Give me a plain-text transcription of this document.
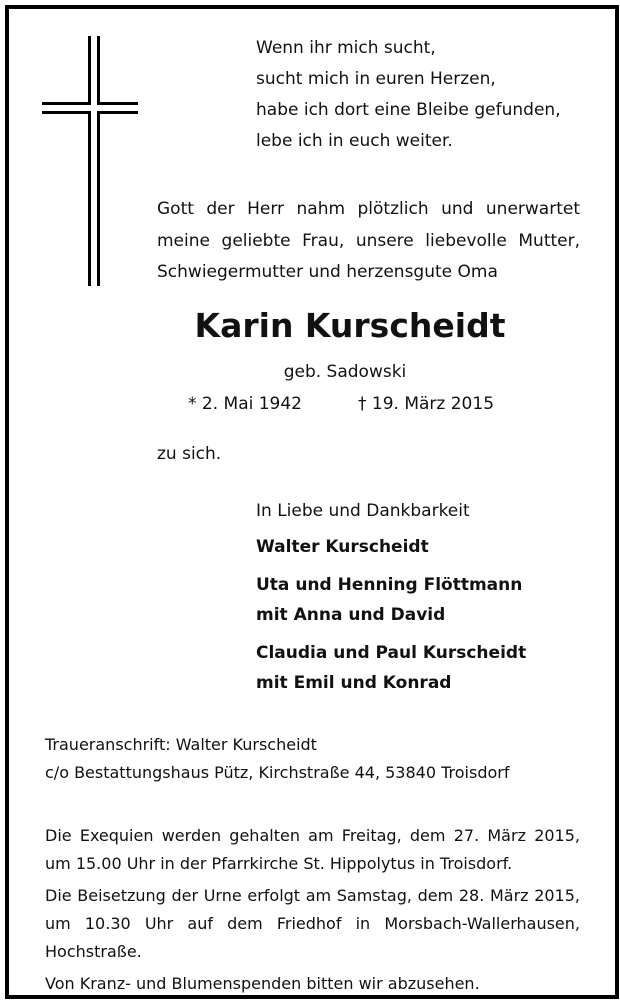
Wenn ihr mich sucht,
sucht mich in euren Herzen,
habe ich dort eine Bleibe gefunden,
lebe ich in euch weiter.
Gott der Herr nahm plötzlich und unerwartet meine geliebte Frau, unsere liebevolle Mutter, Schwiegermutter und herzensgute Oma
Karin Kurscheidt
geb. Sadowski
* 2. Mai 1942	† 19. März 2015
zu sich.
In Liebe und Dankbarkeit
Walter Kurscheidt
Uta und Henning Flöttmann
mit Anna und David
Claudia und Paul Kurscheidt
mit Emil und Konrad
Traueranschrift: Walter Kurscheidt
c/o Bestattungshaus Pütz, Kirchstraße 44, 53840 Troisdorf

Die Exequien werden gehalten am Freitag, dem 27. März 2015, um 15.00 Uhr in der Pfarrkirche St. Hippolytus in Troisdorf.

Die Beisetzung der Urne erfolgt am Samstag, dem 28. März 2015, um 10.30 Uhr auf dem Friedhof in Morsbach-Wallerhausen, Hochstraße.

Von Kranz- und Blumenspenden bitten wir abzusehen.
